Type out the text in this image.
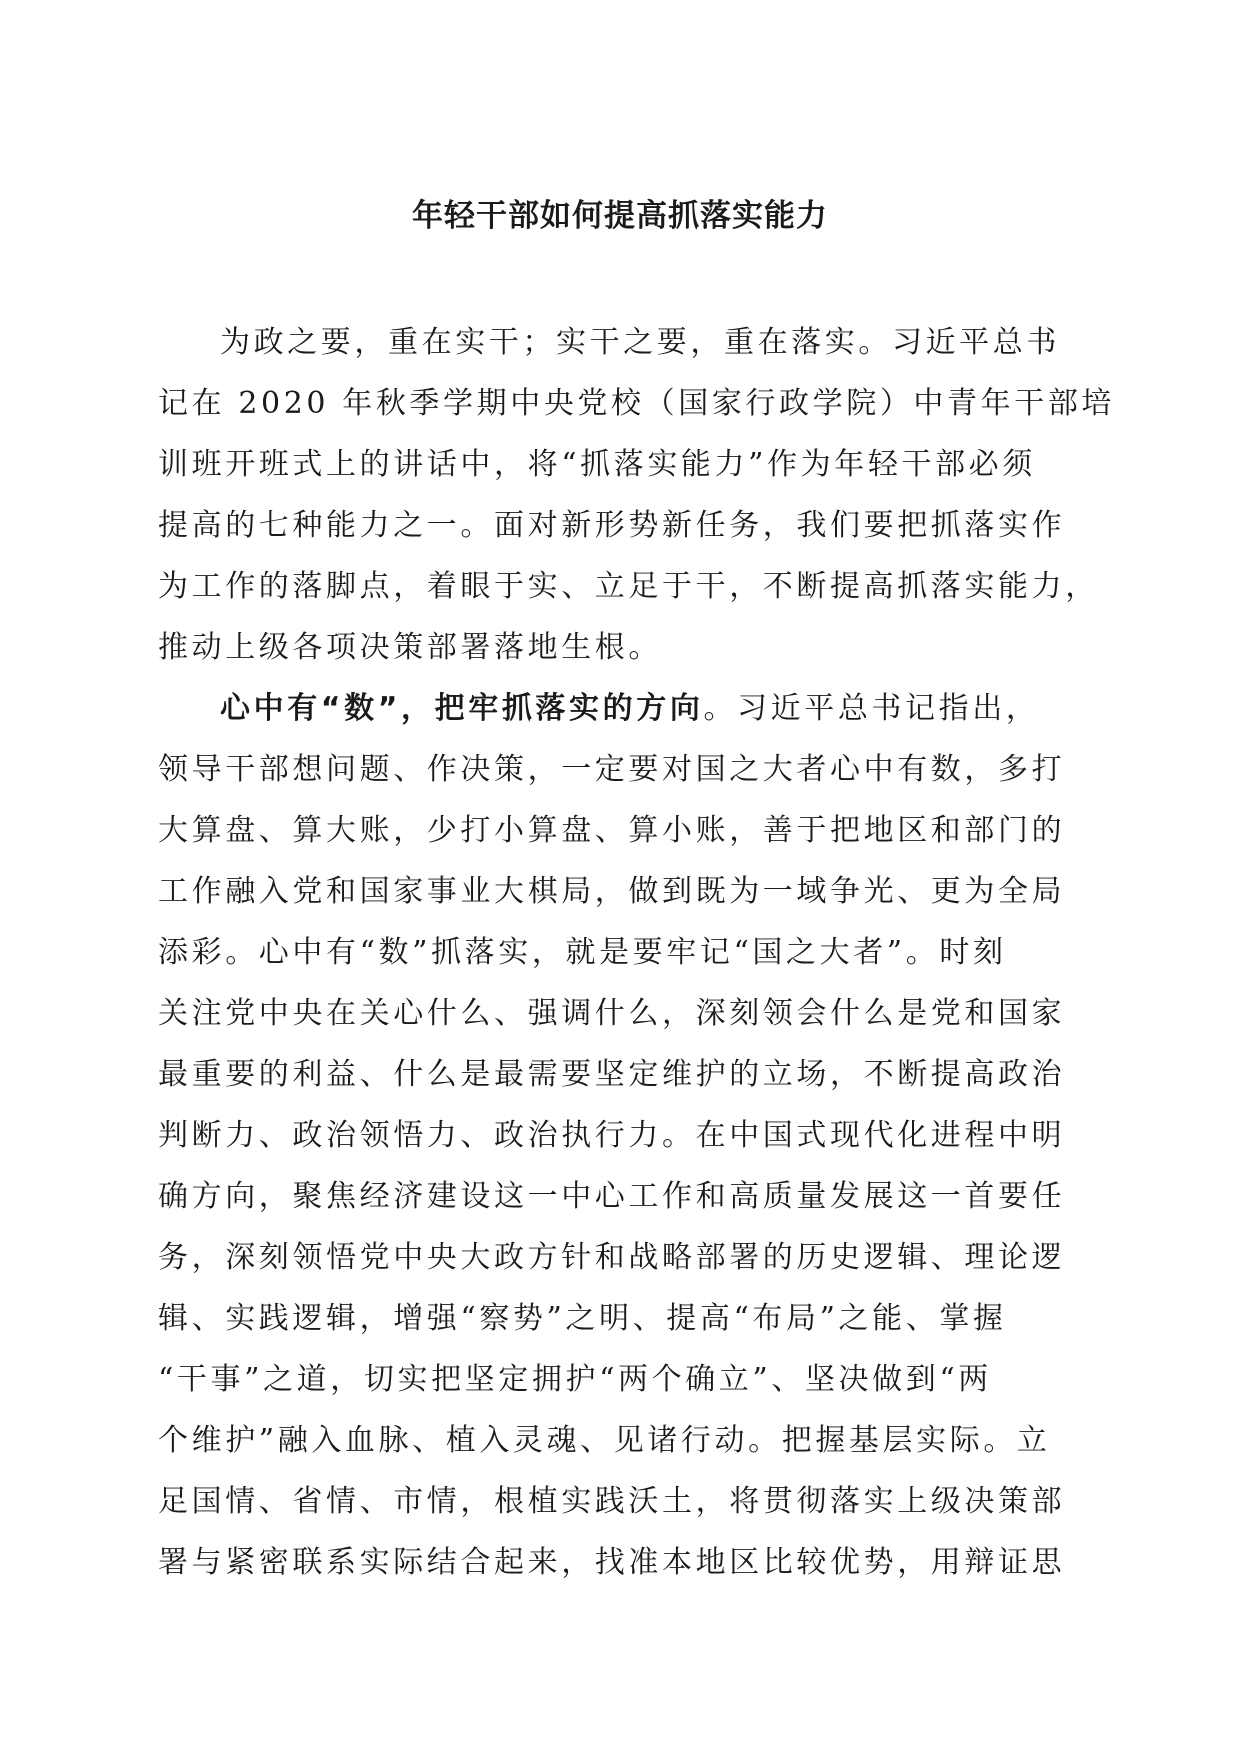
年轻干部如何提高抓落实能力
为政之要，重在实干；实干之要，重在落实。习近平总书
记在 2020 年秋季学期中央党校（国家行政学院）中青年干部培
训班开班式上的讲话中，将“抓落实能力”作为年轻干部必须
提高的七种能力之一。面对新形势新任务，我们要把抓落实作
为工作的落脚点，着眼于实、立足于干，不断提高抓落实能力，
推动上级各项决策部署落地生根。
心中有“数”，把牢抓落实的方向。习近平总书记指出，
领导干部想问题、作决策，一定要对国之大者心中有数，多打
大算盘、算大账，少打小算盘、算小账，善于把地区和部门的
工作融入党和国家事业大棋局，做到既为一域争光、更为全局
添彩。心中有“数”抓落实，就是要牢记“国之大者”。时刻
关注党中央在关心什么、强调什么，深刻领会什么是党和国家
最重要的利益、什么是最需要坚定维护的立场，不断提高政治
判断力、政治领悟力、政治执行力。在中国式现代化进程中明
确方向，聚焦经济建设这一中心工作和高质量发展这一首要任
务，深刻领悟党中央大政方针和战略部署的历史逻辑、理论逻
辑、实践逻辑，增强“察势”之明、提高“布局”之能、掌握
“干事”之道，切实把坚定拥护“两个确立”、坚决做到“两
个维护”融入血脉、植入灵魂、见诸行动。把握基层实际。立
足国情、省情、市情，根植实践沃土，将贯彻落实上级决策部
署与紧密联系实际结合起来，找准本地区比较优势，用辩证思
